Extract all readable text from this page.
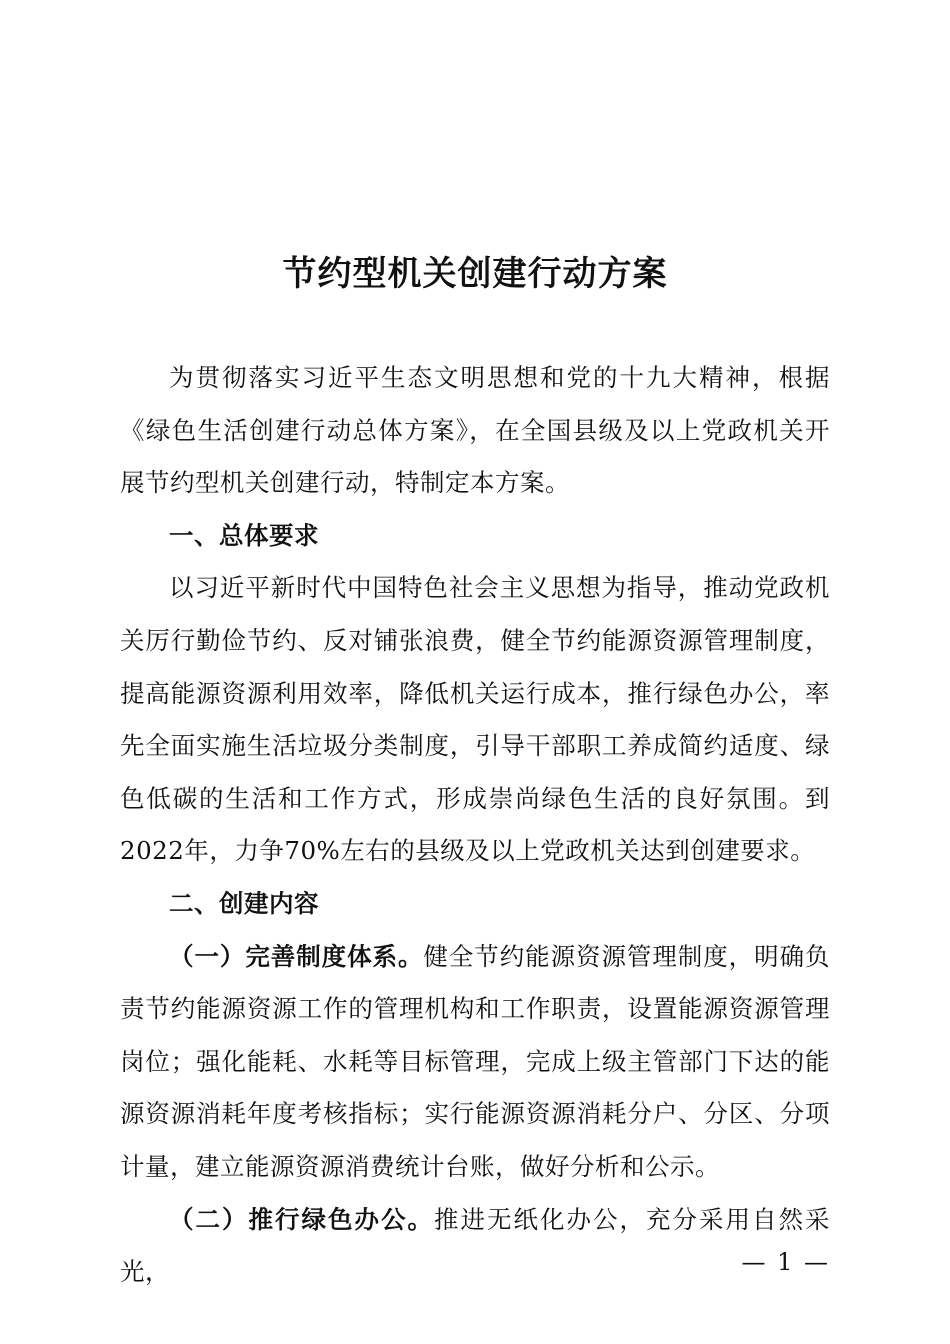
节约型机关创建行动方案

为贯彻落实习近平生态文明思想和党的十九大精神，根据《绿色生活创建行动总体方案》，在全国县级及以上党政机关开展节约型机关创建行动，特制定本方案。

一、总体要求

以习近平新时代中国特色社会主义思想为指导，推动党政机关厉行勤俭节约、反对铺张浪费，健全节约能源资源管理制度，提高能源资源利用效率，降低机关运行成本，推行绿色办公，率先全面实施生活垃圾分类制度，引导干部职工养成简约适度、绿色低碳的生活和工作方式，形成崇尚绿色生活的良好氛围。到2022年，力争70%左右的县级及以上党政机关达到创建要求。

二、创建内容

（一）完善制度体系。健全节约能源资源管理制度，明确负责节约能源资源工作的管理机构和工作职责，设置能源资源管理岗位；强化能耗、水耗等目标管理，完成上级主管部门下达的能源资源消耗年度考核指标；实行能源资源消耗分户、分区、分项计量，建立能源资源消费统计台账，做好分析和公示。

（二）推行绿色办公。推进无纸化办公，充分采用自然采光，	— 1 —
